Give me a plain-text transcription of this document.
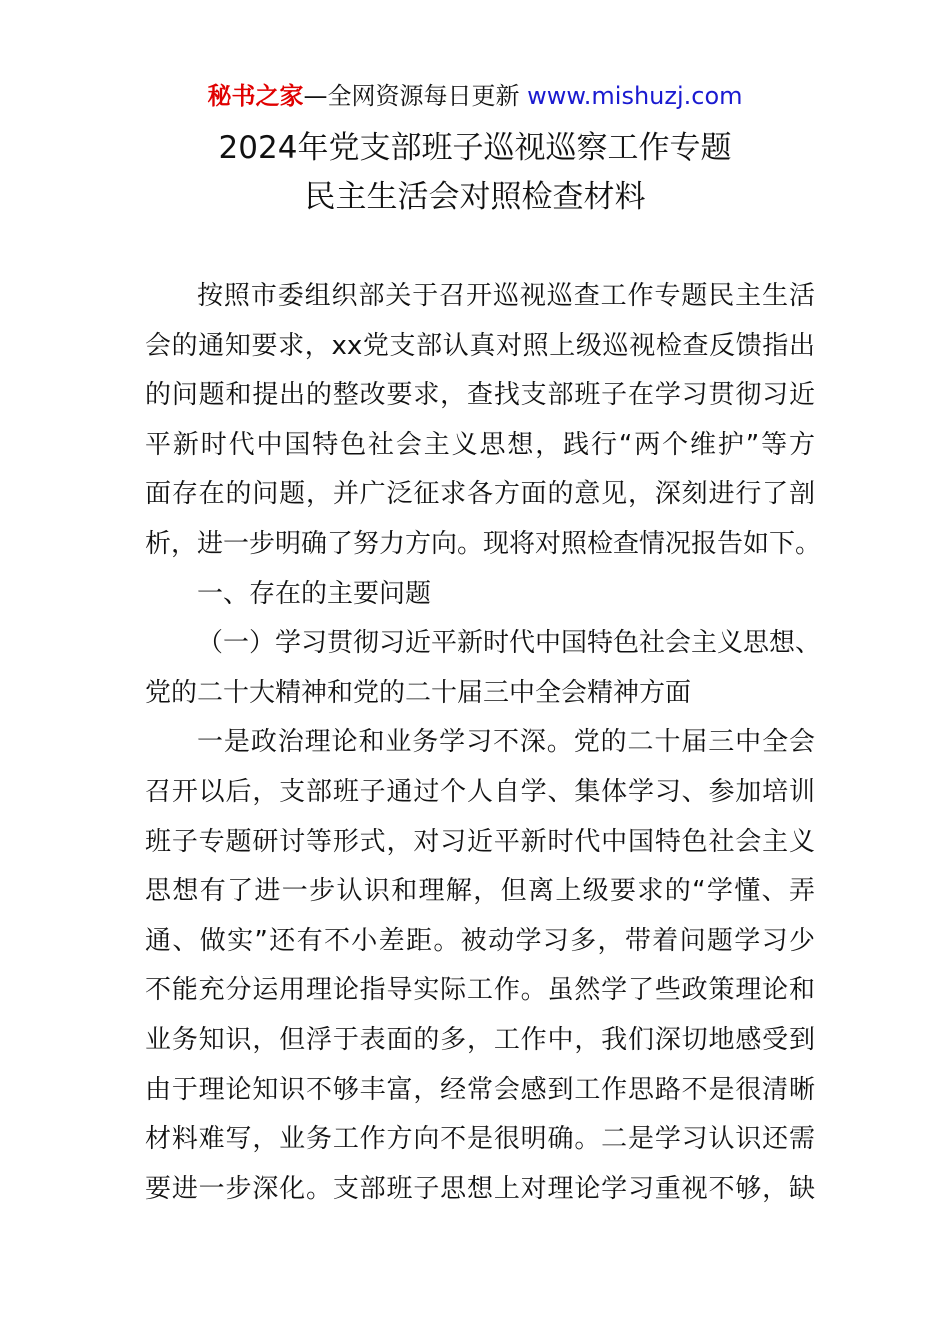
秘书之家—全网资源每日更新 www.mishuzj.com
2024年党支部班子巡视巡察工作专题
民主生活会对照检查材料
按照市委组织部关于召开巡视巡查工作专题民主生活
会的通知要求，xx党支部认真对照上级巡视检查反馈指出
的问题和提出的整改要求，查找支部班子在学习贯彻习近
平新时代中国特色社会主义思想，践行“两个维护”等方
面存在的问题，并广泛征求各方面的意见，深刻进行了剖
析，进一步明确了努力方向。现将对照检查情况报告如下。
一、存在的主要问题
（一）学习贯彻习近平新时代中国特色社会主义思想、
党的二十大精神和党的二十届三中全会精神方面
一是政治理论和业务学习不深。党的二十届三中全会
召开以后，支部班子通过个人自学、集体学习、参加培训
班子专题研讨等形式，对习近平新时代中国特色社会主义
思想有了进一步认识和理解，但离上级要求的“学懂、弄
通、做实”还有不小差距。被动学习多，带着问题学习少
不能充分运用理论指导实际工作。虽然学了些政策理论和
业务知识，但浮于表面的多，工作中，我们深切地感受到
由于理论知识不够丰富，经常会感到工作思路不是很清晰
材料难写，业务工作方向不是很明确。二是学习认识还需
要进一步深化。支部班子思想上对理论学习重视不够，缺
